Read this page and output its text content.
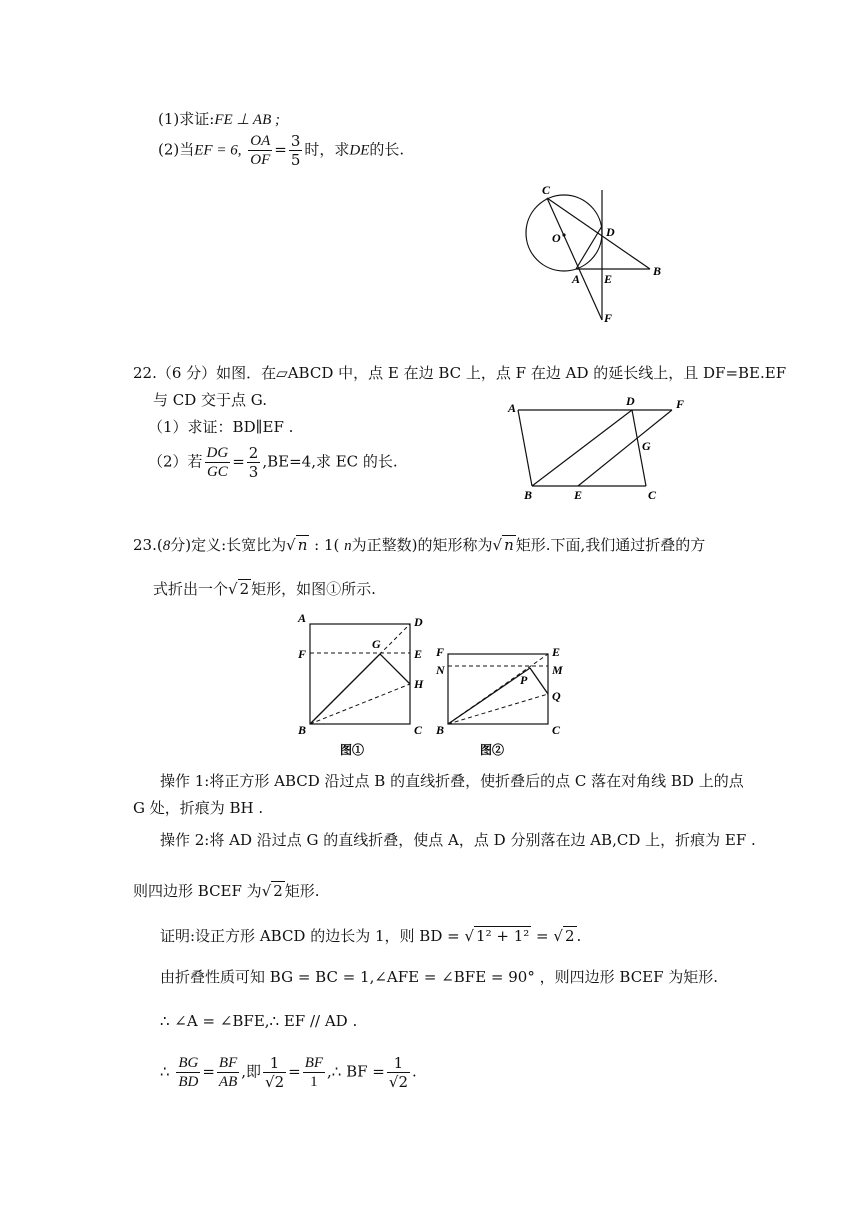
(1)求证:FE ⊥ AB ;
(2)当EF = 6, $\frac{OA}{OF} = \frac{3}{5}$ 时，求DE的长.
C
D
O
A E
B
F
22.（6 分）如图．在▱ABCD 中，点 E 在边 BC 上，点 F 在边 AD 的延长线上，且 DF=BE.EF
与 CD 交于点 G.
（1）求证：BD∥EF .
（2）若 $\frac{DG}{GC} = \frac{2}{3} ,BE=4$,求 EC 的长.
A	D	F
G
B	E	C
23.(8分)定义:长宽比为√ n : 1( n为正整数)的矩形称为√ n 矩形.下面,我们通过折叠的方
式折出一个√ 2 矩形，如图①所示.
A	D
F
G
E
H
B	C
图①
F	E
N	M
P
Q
B	C
图②
操作 1:将正方形 ABCD 沿过点 B 的直线折叠，使折叠后的点 C 落在对角线 BD 上的点
G 处，折痕为 BH .
操作 2:将 AD 沿过点 G 的直线折叠，使点 A，点 D 分别落在边 AB,CD 上，折痕为 EF .
则四边形 BCEF 为√ 2 矩形.
证明:设正方形 ABCD 的边长为 1，则 BD = √ 1² + 1² = √ 2 .
由折叠性质可知 BG = BC = 1,∠AFE = ∠BFE = 90° ，则四边形 BCEF 为矩形.
∴ ∠A = ∠BFE,∴ EF // AD .
∴ $\frac{BG}{BD} = \frac{BF}{AB}$ ,即 $\frac{1}{√2} = \frac{BF}{1}$ ,∴ BF = $\frac{1}{√2}$ .
